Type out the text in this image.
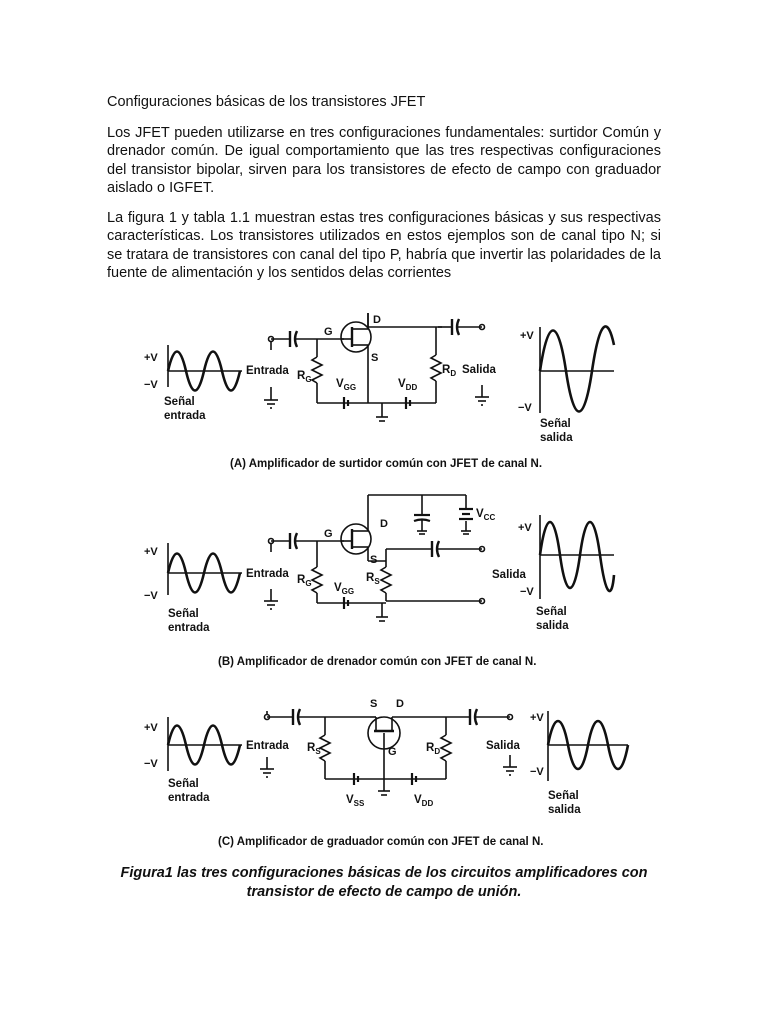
Configuraciones básicas de los transistores JFET

Los JFET pueden utilizarse en tres configuraciones fundamentales: surtidor Común y drenador común. De igual comportamiento que las tres respectivas configuraciones del transistor bipolar, sirven para los transistores de efecto de campo con graduador aislado o IGFET.

La figura 1 y tabla 1.1 muestran estas tres configuraciones básicas y sus respectivas características. Los transistores utilizados en estos ejemplos son de canal tipo N; si se tratara de transistores con canal del tipo P, habría que invertir las polaridades de la fuente de alimentación y los sentidos delas corrientes

+V
−V
Señal
entrada
Entrada $R_G$
G
D
S
$R_D$ Salida
$V_{GG}$	$V_{DD}$
+V
−V
Señal
salida
(A) Amplificador de surtidor común con JFET de canal N.
+V
−V
Señal
entrada
Entrada $R_G$
G
D
S
$V_{CC}$
$R_S$
Salida
$V_{GG}$
+V
−V
Señal
salida
(B) Amplificador de drenador común con JFET de canal N.
+V
−V
Señal
entrada
Entrada $R_S$
S D
G	$R_D$	Salida
$V_{SS}$	$V_{DD}$
+V
−V
Señal
salida
(C) Amplificador de graduador común con JFET de canal N.
Figura1 las tres configuraciones básicas de los circuitos amplificadores con transistor de efecto de campo de unión.
